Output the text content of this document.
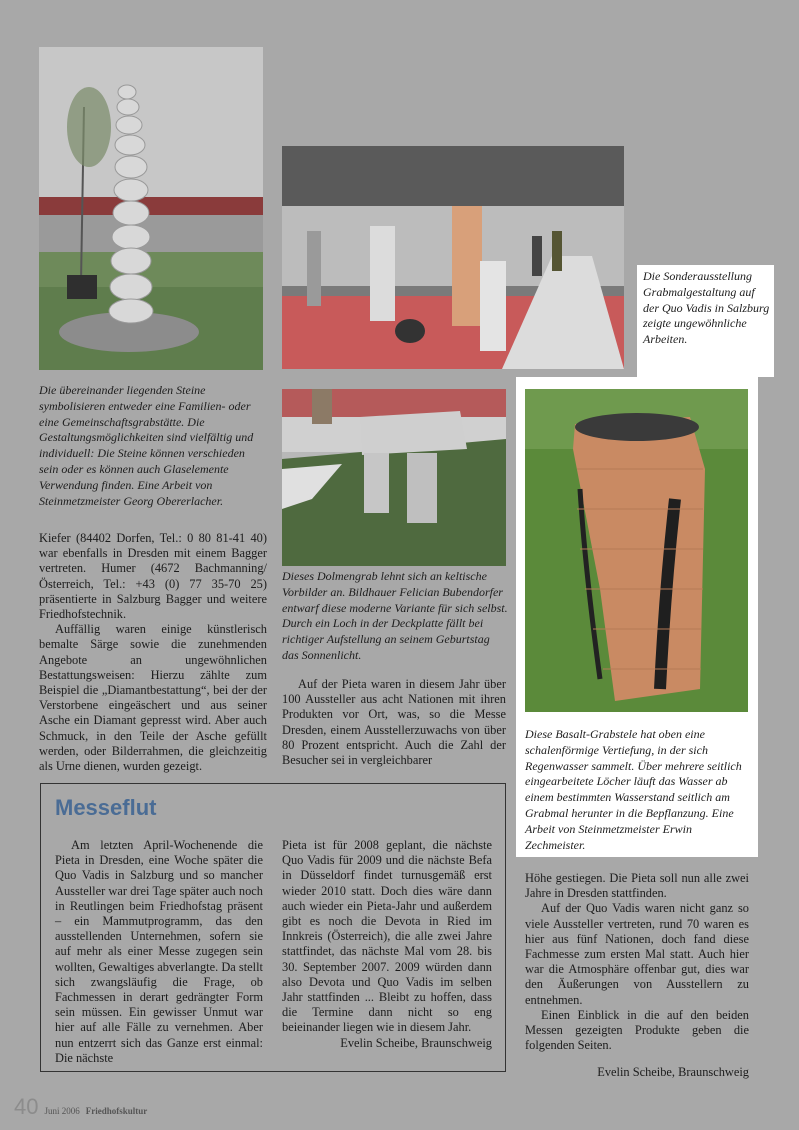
Die Sonderausstellung Grabmalgestaltung auf der Quo Vadis in Salzburg zeigte ungewöhnliche Arbeiten.

Diese Basalt-Grabstele hat oben eine schalenförmige Vertiefung, in der sich Regenwasser sammelt. Über mehrere seitlich eingearbeitete Löcher läuft das Wasser ab einem bestimmten Wasserstand seitlich am Grabmal herunter in die Bepflanzung. Eine Arbeit von Steinmetzmeister Erwin Zechmeister.

Die übereinander liegenden Steine symbolisieren entweder eine Familien- oder eine Gemeinschaftsgrabstätte. Die Gestaltungsmöglichkeiten sind vielfältig und individuell: Die Steine können verschieden sein oder es können auch Glaselemente Verwendung finden. Eine Arbeit von Steinmetzmeister Georg Obererlacher.

Dieses Dolmengrab lehnt sich an keltische Vorbilder an. Bildhauer Felician Bubendorfer entwarf diese moderne Variante für sich selbst. Durch ein Loch in der Deckplatte fällt bei richtiger Aufstellung an seinem Geburtstag das Sonnenlicht.

Kiefer (84402 Dorfen, Tel.: 0 80 81-41 40) war ebenfalls in Dresden mit einem Bagger vertreten. Humer (4672 Bachmanning/Österreich, Tel.: +43 (0) 77 35-70 25) präsentierte in Salzburg Bagger und weitere Friedhofstechnik.

Auffällig waren einige künstlerisch bemalte Särge sowie die zunehmenden Angebote an ungewöhnlichen Bestattungsweisen: Hierzu zählte zum Beispiel die „Diamantbestattung“, bei der der Verstorbene eingeäschert und aus seiner Asche ein Diamant gepresst wird. Aber auch Schmuck, in den Teile der Asche gefüllt werden, oder Bilderrahmen, die gleichzeitig als Urne dienen, wurden gezeigt.

Auf der Pieta waren in diesem Jahr über 100 Aussteller aus acht Nationen mit ihren Produkten vor Ort, was, so die Messe Dresden, einem Ausstellerzuwachs von über 80 Prozent entspricht. Auch die Zahl der Besucher sei in vergleichbarer

Höhe gestiegen. Die Pieta soll nun alle zwei Jahre in Dresden stattfinden.

Auf der Quo Vadis waren nicht ganz so viele Aussteller vertreten, rund 70 waren es hier aus fünf Nationen, doch fand diese Fachmesse zum ersten Mal statt. Auch hier war die Atmosphäre offenbar gut, dies war den Äußerungen von Ausstellern zu entnehmen.

Einen Einblick in die auf den beiden Messen gezeigten Produkte geben die folgenden Seiten.

Evelin Scheibe, Braunschweig

Messeflut

Am letzten April-Wochenende die Pieta in Dresden, eine Woche später die Quo Vadis in Salzburg und so mancher Aussteller war drei Tage später auch noch in Reutlingen beim Friedhofstag präsent – ein Mammutprogramm, das den ausstellenden Unternehmen, sofern sie auf mehr als einer Messe zugegen sein wollten, Gewaltiges abverlangte. Da stellt sich zwangsläufig die Frage, ob Fachmessen in derart gedrängter Form sein müssen. Ein gewisser Unmut war hier auf alle Fälle zu vernehmen. Aber nun entzerrt sich das Ganze erst einmal: Die nächste

Pieta ist für 2008 geplant, die nächste Quo Vadis für 2009 und die nächste Befa in Düsseldorf findet turnusgemäß erst wieder 2010 statt. Doch dies wäre dann auch wieder ein Pieta-Jahr und außerdem gibt es noch die Devota in Ried im Innkreis (Österreich), die alle zwei Jahre stattfindet, das nächste Mal vom 28. bis 30. September 2007. 2009 würden dann also Devota und Quo Vadis im selben Jahr stattfinden ... Bleibt zu hoffen, dass die Termine dann nicht so eng beieinander liegen wie in diesem Jahr.

Evelin Scheibe, Braunschweig

40 Juni 2006 Friedhofskultur
